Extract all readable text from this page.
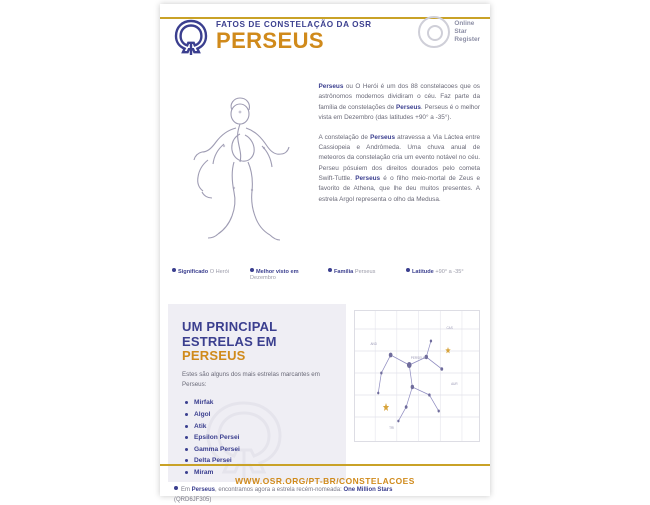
FATOS DE CONSTELAÇÃO DA OSR

PERSEUS
Online
Star
Register

Perseus ou O Herói é um dos 88 constelacoes que os astrônomos modernos dividiram o céu. Faz parte da família de constelações de Perseus. Perseus é o melhor vista em Dezembro (das latitudes +90° a -35°).

A constelação de Perseus atravessa a Via Láctea entre Cassiopeia e Andrômeda. Uma chuva anual de meteoros da constelação cria um evento notável no céu. Perseu pósuiem dos direitos dourados pelo cometa Swift-Tuttle. Perseus é o filho meio-mortal de Zeus e favorito de Athena, que lhe deu muitos presentes. A estrela Argol representa o olho da Medusa.

Significado O Herói	Melhor visto em Dezembro
Família Perseus	Latitude +90° a -35°
UM PRINCIPAL
ESTRELAS EM
PERSEUS

Estes são alguns dos mais estrelas marcantes em Perseus:

Mirfak
Algol
Atik
Epsilon Persei
Gamma Persei
Delta Persei
Miram
PERSEUS
AND
AUR
TRI
CAS
Em Perseus, encontramos agora a estrela recém-nomeada: One Million Stars
(QRD6JF305)
WWW.OSR.ORG/PT-BR/CONSTELACOES
